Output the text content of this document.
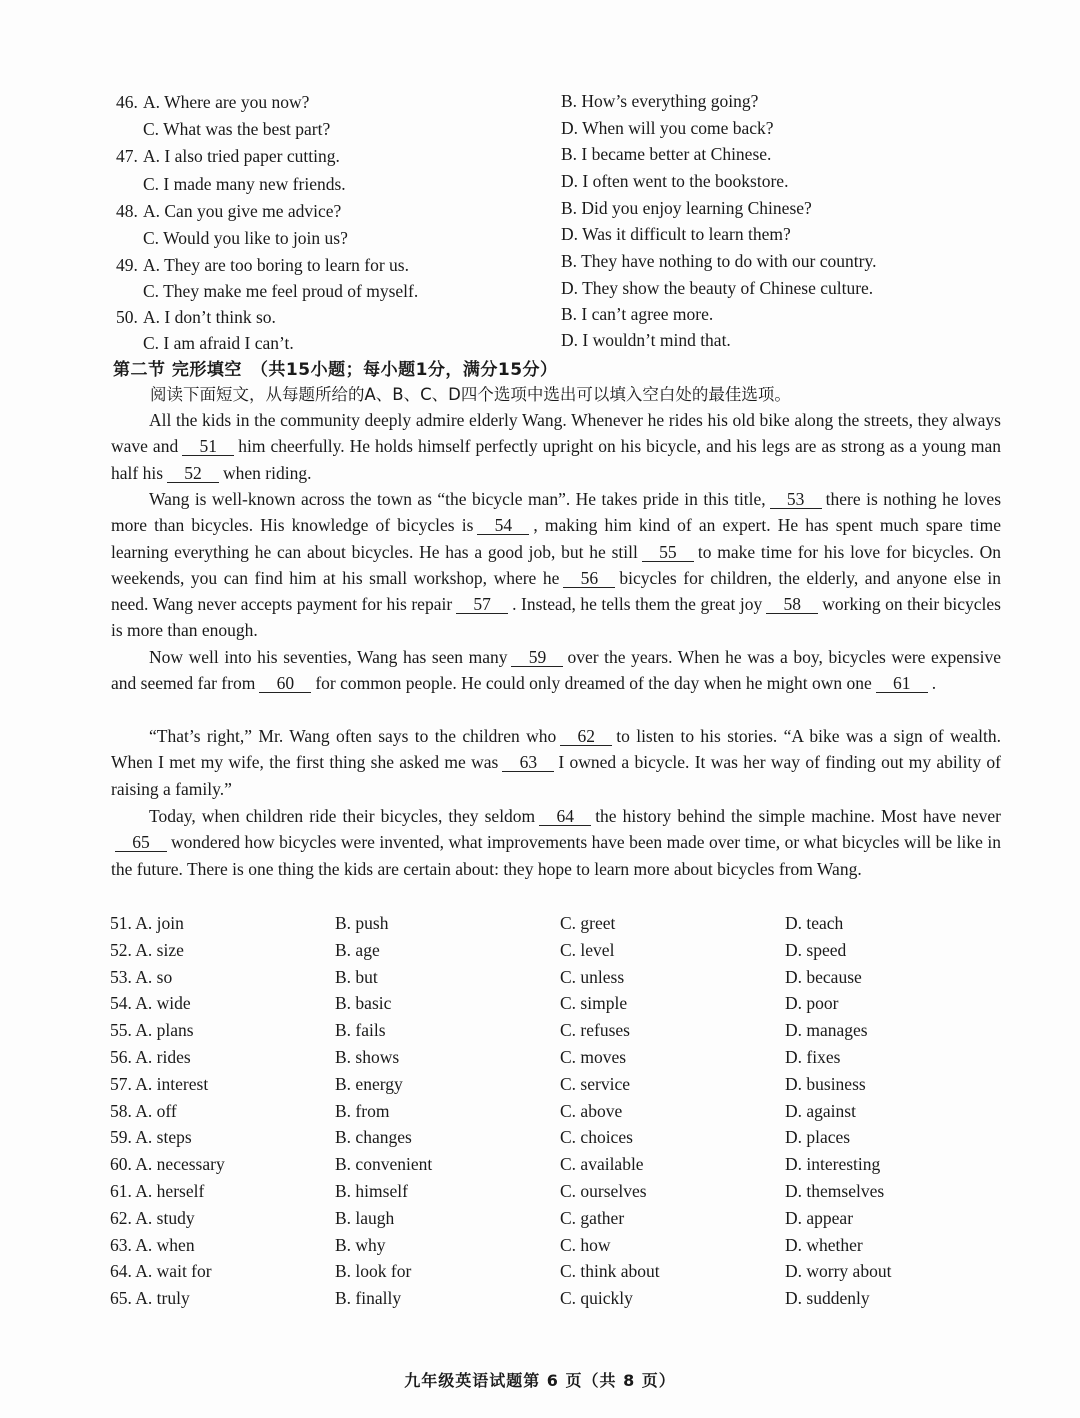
46. A. Where are you now?	B. How’s everything going?
C. What was the best part?	D. When will you come back?
47. A. I also tried paper cutting.	B. I became better at Chinese.
C. I made many new friends.	D. I often went to the bookstore.
48. A. Can you give me advice?	B. Did you enjoy learning Chinese?
C. Would you like to join us?	D. Was it difficult to learn them?
49. A. They are too boring to learn for us.	B. They have nothing to do with our country.
C. They make me feel proud of myself.	D. They show the beauty of Chinese culture.
50. A. I don’t think so.	B. I can’t agree more.
C. I am afraid I can’t.	D. I wouldn’t mind that.
第二节 完形填空　（共15小题；每小题1分，满分15分）
阅读下面短文，从每题所给的A、B、C、D四个选项中选出可以填入空白处的最佳选项。
All the kids in the community deeply admire elderly Wang. Whenever he rides his old bike along the streets, they always wave and 51 him cheerfully. He holds himself perfectly upright on his bicycle, and his legs are as strong as a young man half his 52 when riding.
Wang is well-known across the town as “the bicycle man”. He takes pride in this title, 53 there is nothing he loves more than bicycles. His knowledge of bicycles is 54 , making him kind of an expert. He has spent much spare time learning everything he can about bicycles. He has a good job, but he still 55 to make time for his love for bicycles. On weekends, you can find him at his small workshop, where he 56 bicycles for children, the elderly, and anyone else in need. Wang never accepts payment for his repair 57 . Instead, he tells them the great joy 58 working on their bicycles is more than enough.
Now well into his seventies, Wang has seen many 59 over the years. When he was a boy, bicycles were expensive and seemed far from 60 for common people. He could only dreamed of the day when he might own one 61 .
“That’s right,” Mr. Wang often says to the children who 62 to listen to his stories. “A bike was a sign of wealth. When I met my wife, the first thing she asked me was 63 I owned a bicycle. It was her way of finding out my ability of raising a family.”
Today, when children ride their bicycles, they seldom 64 the history behind the simple machine. Most have never65 wondered how bicycles were invented, what improvements have been made over time, or what bicycles will be like in the future. There is one thing the kids are certain about: they hope to learn more about bicycles from Wang.
51. A. join	B. push	C. greet	D. teach
52. A. size	B. age	C. level	D. speed
53. A. so	B. but	C. unless	D. because
54. A. wide	B. basic	C. simple	D. poor
55. A. plans	B. fails	C. refuses	D. manages
56. A. rides	B. shows	C. moves	D. fixes
57. A. interest	B. energy	C. service	D. business
58. A. off	B. from	C. above	D. against
59. A. steps	B. changes	C. choices	D. places
60. A. necessary	B. convenient	C. available	D. interesting
61. A. herself	B. himself	C. ourselves	D. themselves
62. A. study	B. laugh	C. gather	D. appear
63. A. when	B. why	C. how	D. whether
64. A. wait for	B. look for	C. think about	D. worry about
65. A. truly	B. finally	C. quickly	D. suddenly
九年级英语试题第 6 页（共 8 页）
